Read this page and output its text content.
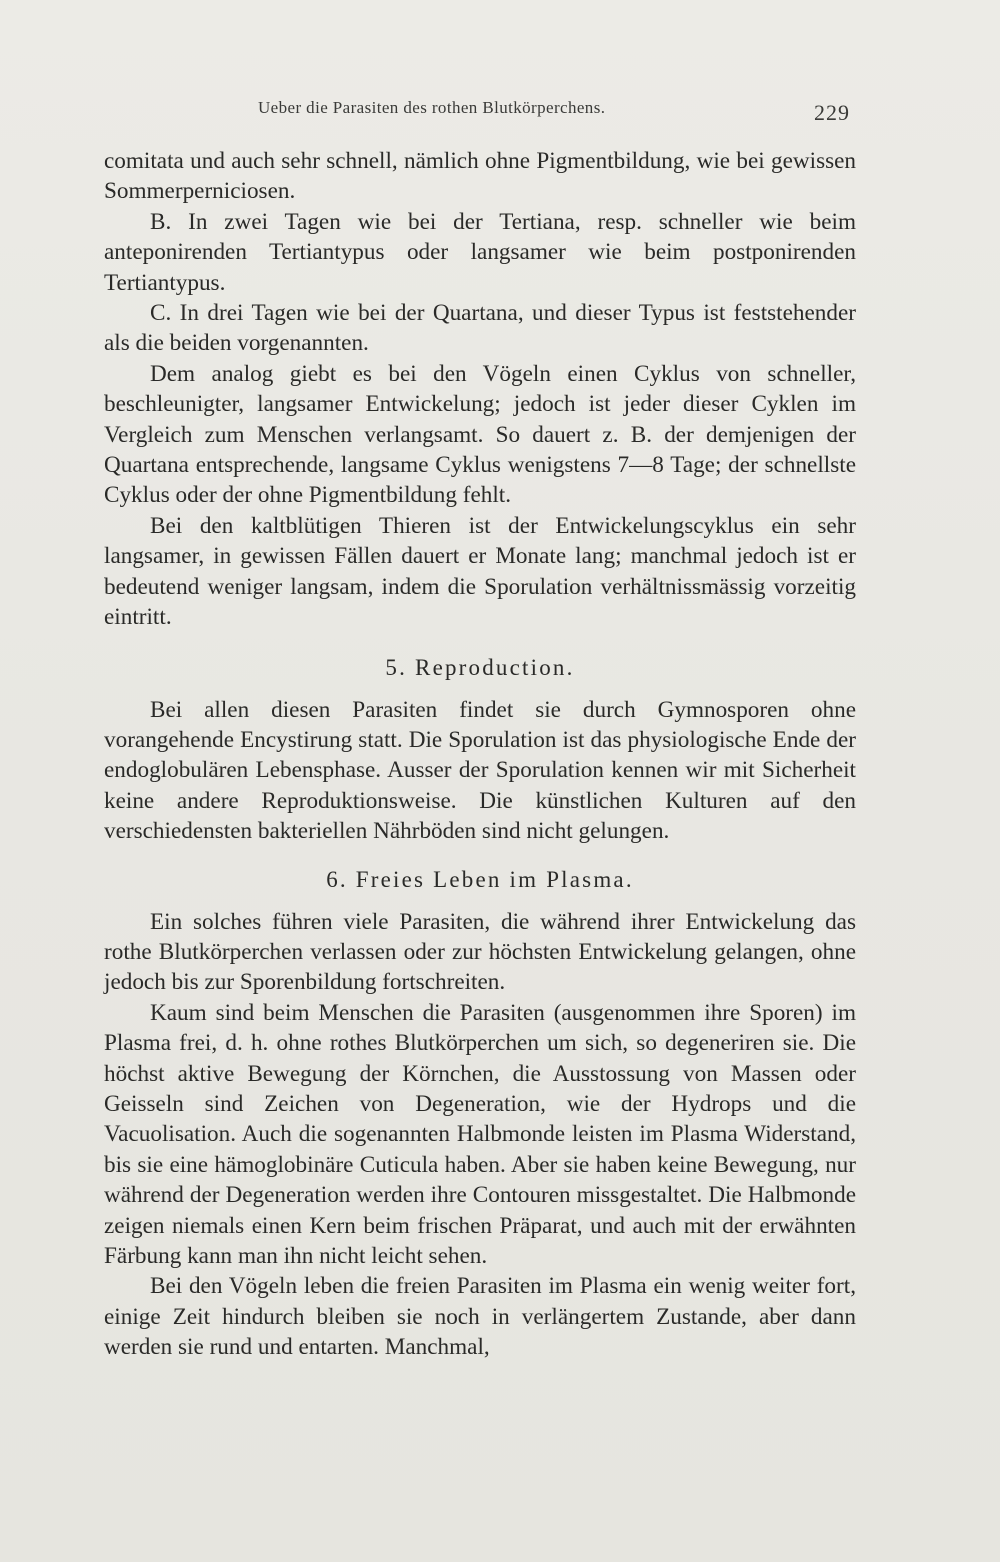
Ueber die Parasiten des rothen Blutkörperchens.	229

comitata und auch sehr schnell, nämlich ohne Pigmentbildung, wie bei gewissen Sommerperniciosen.

B. In zwei Tagen wie bei der Tertiana, resp. schneller wie beim anteponirenden Tertiantypus oder langsamer wie beim postponirenden Tertiantypus.

C. In drei Tagen wie bei der Quartana, und dieser Typus ist feststehender als die beiden vorgenannten.

Dem analog giebt es bei den Vögeln einen Cyklus von schneller, beschleunigter, langsamer Entwickelung; jedoch ist jeder dieser Cyklen im Vergleich zum Menschen verlangsamt. So dauert z. B. der demjenigen der Quartana entsprechende, langsame Cyklus wenigstens 7—8 Tage; der schnellste Cyklus oder der ohne Pigmentbildung fehlt.

Bei den kaltblütigen Thieren ist der Entwickelungscyklus ein sehr langsamer, in gewissen Fällen dauert er Monate lang; manchmal jedoch ist er bedeutend weniger langsam, indem die Sporulation verhältnissmässig vorzeitig eintritt.

5. Reproduction.

Bei allen diesen Parasiten findet sie durch Gymnosporen ohne vorangehende Encystirung statt. Die Sporulation ist das physiologische Ende der endoglobulären Lebensphase. Ausser der Sporulation kennen wir mit Sicherheit keine andere Reproduktionsweise. Die künstlichen Kulturen auf den verschiedensten bakteriellen Nährböden sind nicht gelungen.

6. Freies Leben im Plasma.

Ein solches führen viele Parasiten, die während ihrer Entwickelung das rothe Blutkörperchen verlassen oder zur höchsten Entwickelung gelangen, ohne jedoch bis zur Sporenbildung fortschreiten.

Kaum sind beim Menschen die Parasiten (ausgenommen ihre Sporen) im Plasma frei, d. h. ohne rothes Blutkörperchen um sich, so degeneriren sie. Die höchst aktive Bewegung der Körnchen, die Ausstossung von Massen oder Geisseln sind Zeichen von Degeneration, wie der Hydrops und die Vacuolisation. Auch die sogenannten Halbmonde leisten im Plasma Widerstand, bis sie eine hämoglobinäre Cuticula haben. Aber sie haben keine Bewegung, nur während der Degeneration werden ihre Contouren missgestaltet. Die Halbmonde zeigen niemals einen Kern beim frischen Präparat, und auch mit der erwähnten Färbung kann man ihn nicht leicht sehen.

Bei den Vögeln leben die freien Parasiten im Plasma ein wenig weiter fort, einige Zeit hindurch bleiben sie noch in verlängertem Zustande, aber dann werden sie rund und entarten. Manchmal,
